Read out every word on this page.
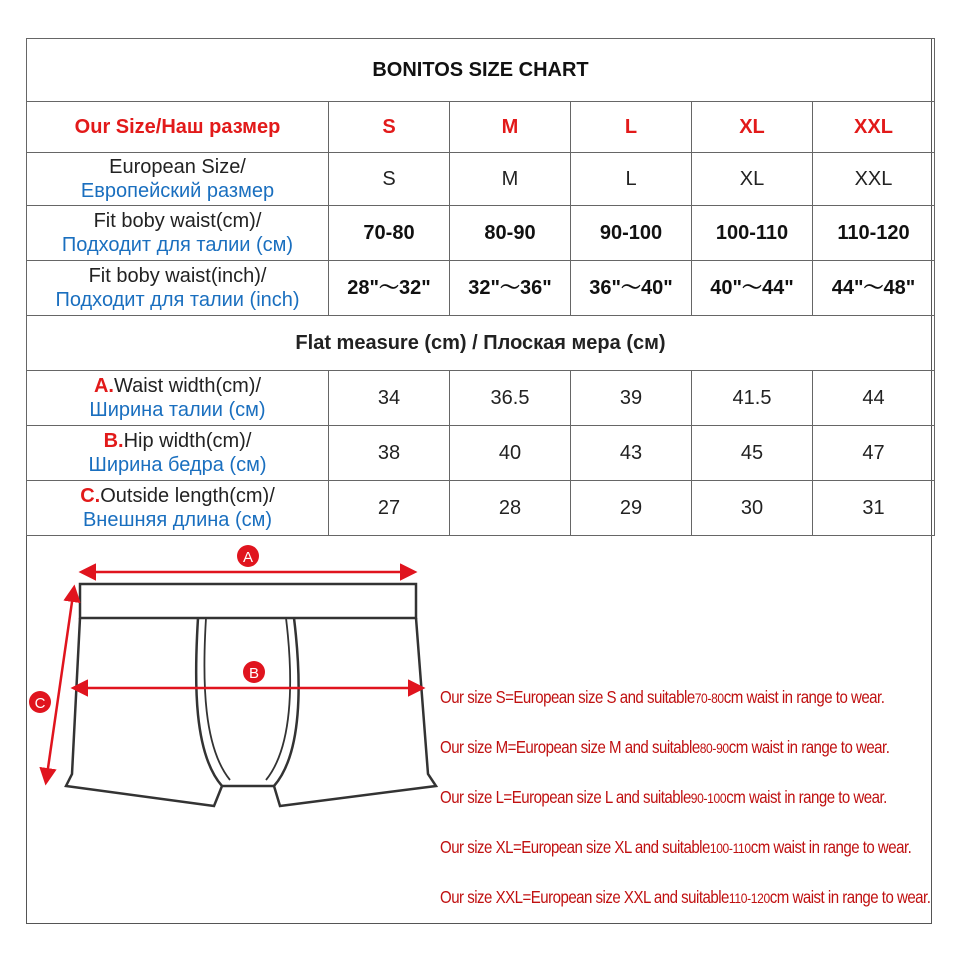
BONITOS SIZE CHART					
Our Size/Наш размер	S	M	L	XL	XXL

European Size/
Европейский размер	S	M	L	XL	XXL

Fit boby waist(cm)/
Подходит для талии (см)	70-80	80-90	90-100	100-110	110-120

Fit boby waist(inch)/
Подходит для талии (inch)	28"～32"	32"～36"	36"～40"	40"～44"	44"～48"
Flat measure (cm) / Плоская мера (см)					

A.Waist width(cm)/
Ширина талии (см)	34	36.5	39	41.5	44

B.Hip width(cm)/
Ширина бедра (см)	38	40	43	45	47

C.Outside length(cm)/
Внешняя длина (см)	27	28	29	30	31
A
B
C	Our size S=European size S and suitable70-80cm waist in range to wear.
Our size M=European size M and suitable80-90cm waist in range to wear.
Our size L=European size L and suitable90-100cm waist in range to wear.
Our size XL=European size XL and suitable100-110cm waist in range to wear.
Our size XXL=European size XXL and suitable110-120cm waist in range to wear.
